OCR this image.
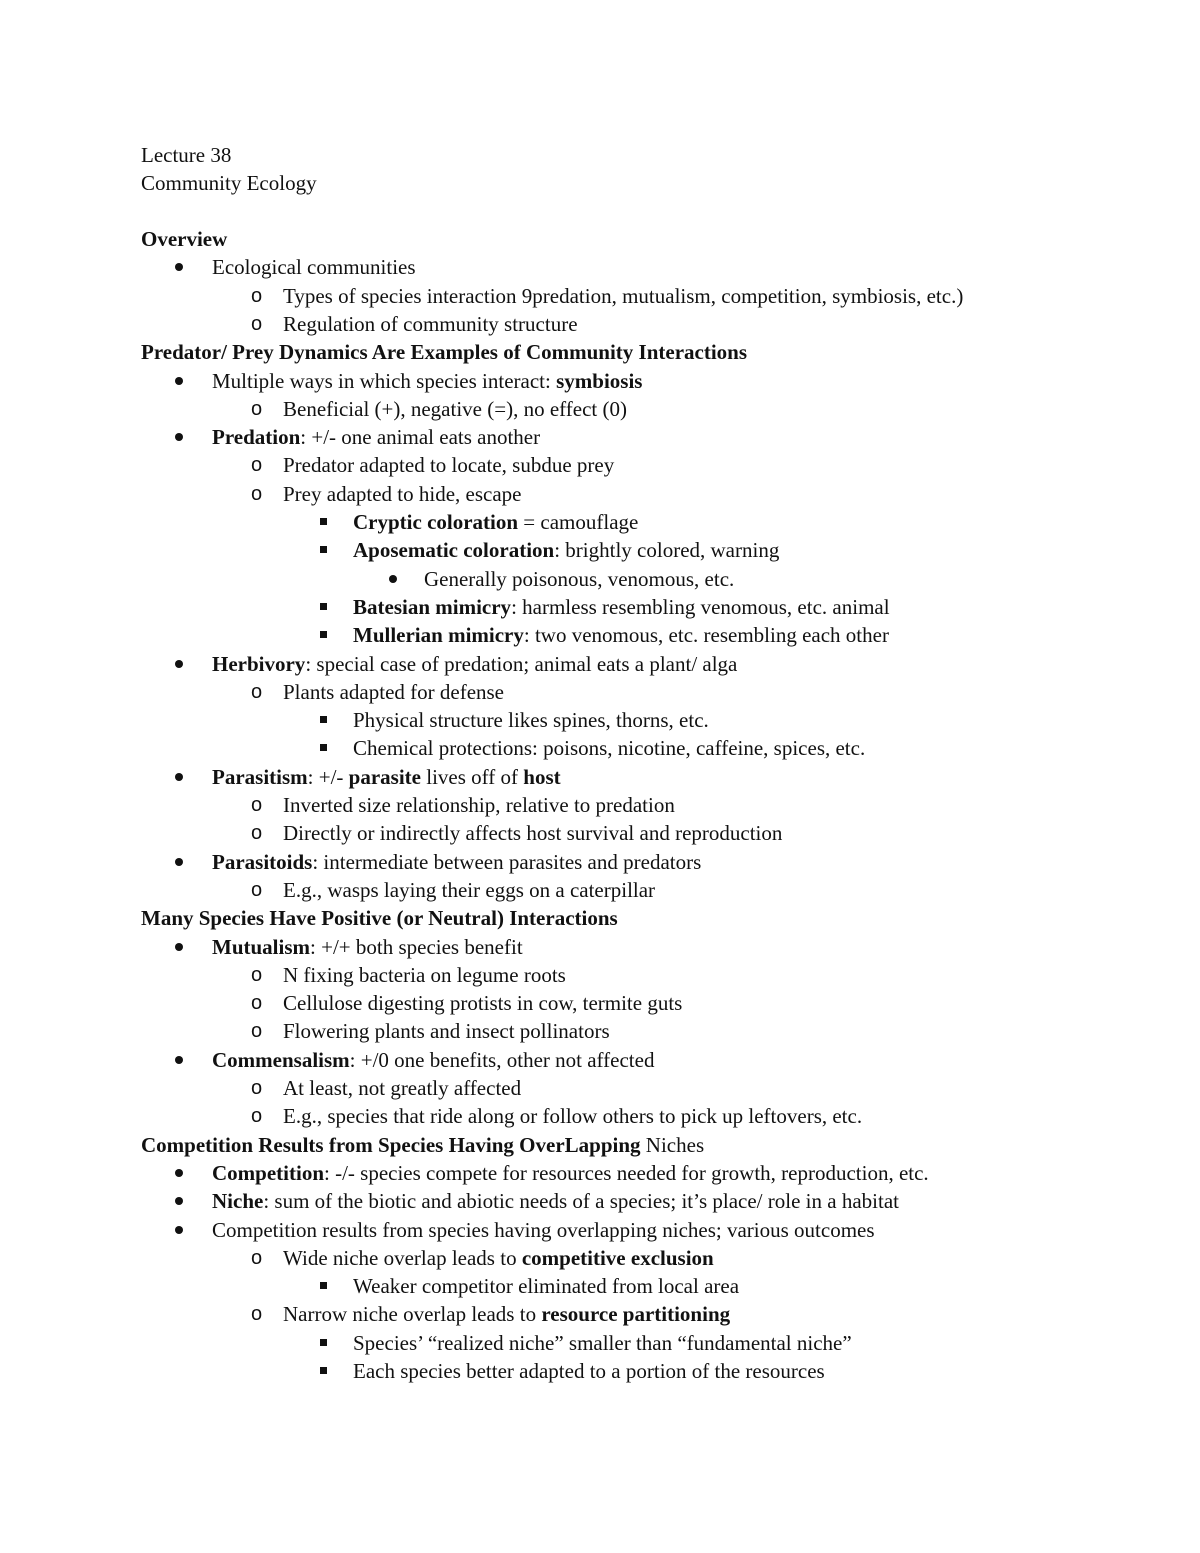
Lecture 38
Community Ecology
Overview
Ecological communities
o Types of species interaction 9predation, mutualism, competition, symbiosis, etc.)
o Regulation of community structure
Predator/ Prey Dynamics Are Examples of Community Interactions
Multiple ways in which species interact: symbiosis
o Beneficial (+), negative (=), no effect (0)
Predation: +/- one animal eats another
o Predator adapted to locate, subdue prey
o Prey adapted to hide, escape
Cryptic coloration = camouflage
Aposematic coloration: brightly colored, warning
Generally poisonous, venomous, etc.
Batesian mimicry: harmless resembling venomous, etc. animal
Mullerian mimicry: two venomous, etc. resembling each other
Herbivory: special case of predation; animal eats a plant/ alga
o Plants adapted for defense
Physical structure likes spines, thorns, etc.
Chemical protections: poisons, nicotine, caffeine, spices, etc.
Parasitism: +/- parasite lives off of host
o Inverted size relationship, relative to predation
o Directly or indirectly affects host survival and reproduction
Parasitoids: intermediate between parasites and predators
o E.g., wasps laying their eggs on a caterpillar
Many Species Have Positive (or Neutral) Interactions
Mutualism: +/+ both species benefit
o N fixing bacteria on legume roots
o Cellulose digesting protists in cow, termite guts
o Flowering plants and insect pollinators
Commensalism: +/0 one benefits, other not affected
o At least, not greatly affected
o E.g., species that ride along or follow others to pick up leftovers, etc.
Competition Results from Species Having OverLapping Niches
Competition: -/- species compete for resources needed for growth, reproduction, etc.
Niche: sum of the biotic and abiotic needs of a species; it’s place/ role in a habitat
Competition results from species having overlapping niches; various outcomes
o Wide niche overlap leads to competitive exclusion
Weaker competitor eliminated from local area
o Narrow niche overlap leads to resource partitioning
Species’ “realized niche” smaller than “fundamental niche”
Each species better adapted to a portion of the resources
